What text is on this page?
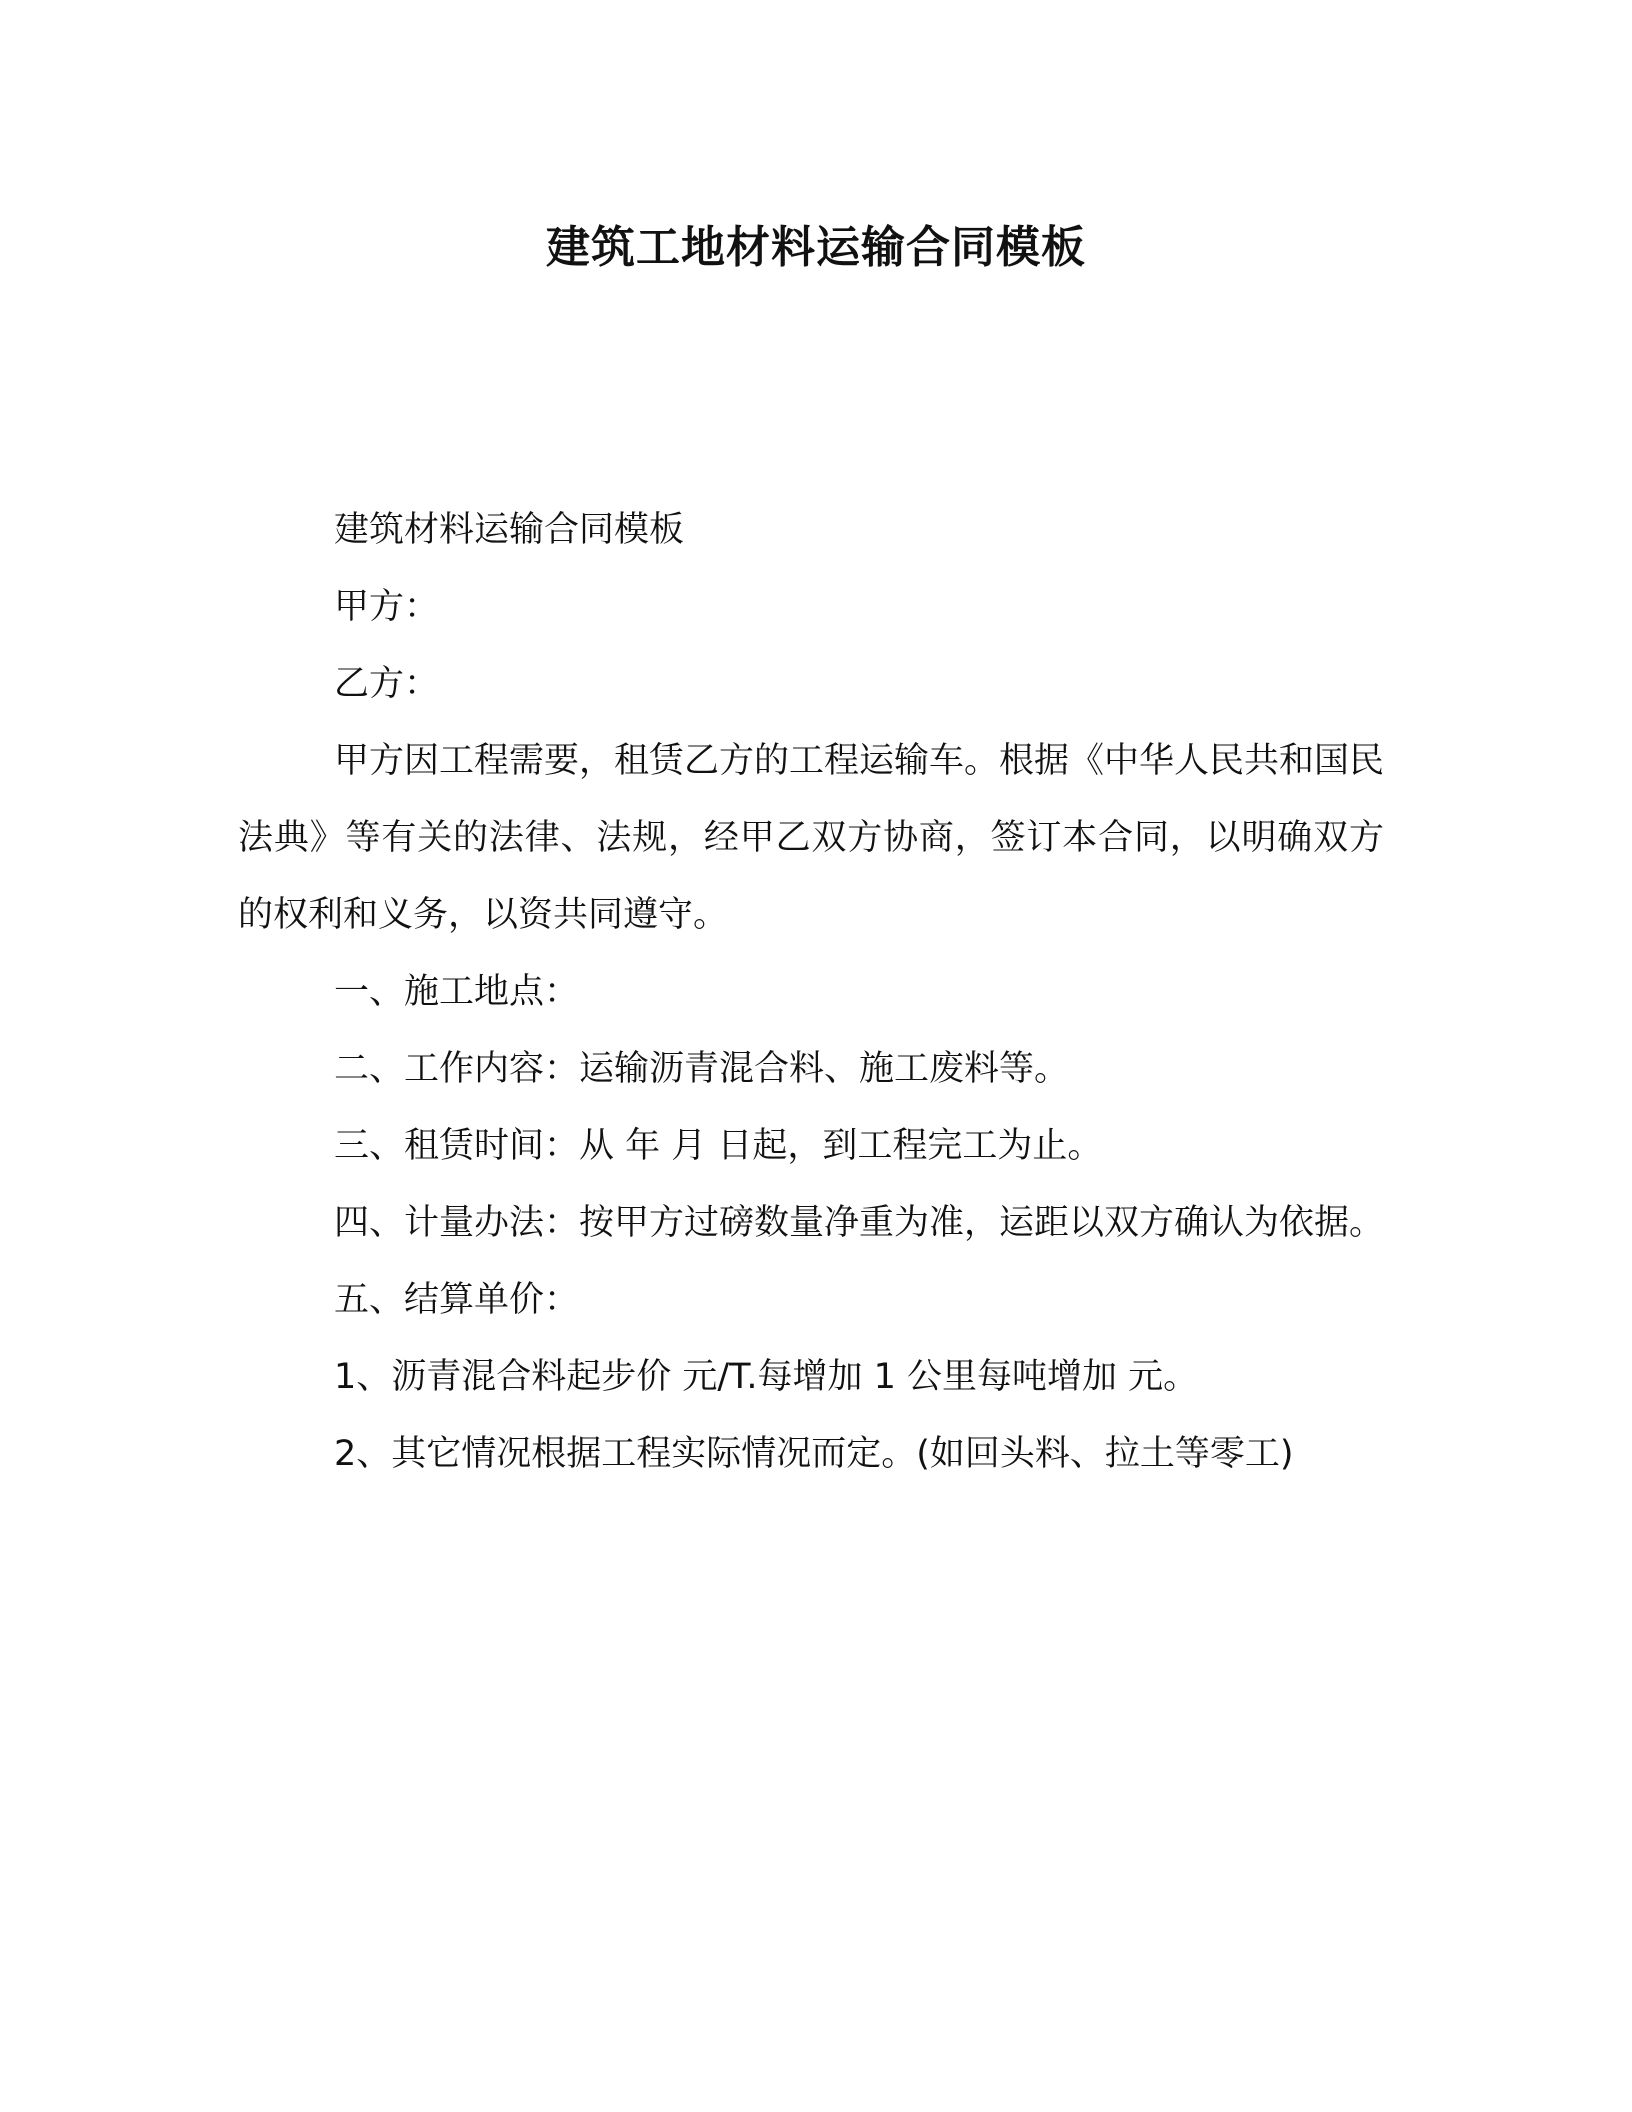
建筑工地材料运输合同模板

建筑材料运输合同模板

甲方：

乙方：

甲方因工程需要，租赁乙方的工程运输车。根据《中华人民共和国民法典》等有关的法律、法规，经甲乙双方协商，签订本合同，以明确双方的权利和义务，以资共同遵守。

一、施工地点：

二、工作内容：运输沥青混合料、施工废料等。

三、租赁时间：从 年 月 日起，到工程完工为止。

四、计量办法：按甲方过磅数量净重为准，运距以双方确认为依据。

五、结算单价：

1、沥青混合料起步价 元/T.每增加 1 公里每吨增加 元。

2、其它情况根据工程实际情况而定。(如回头料、拉土等零工)
